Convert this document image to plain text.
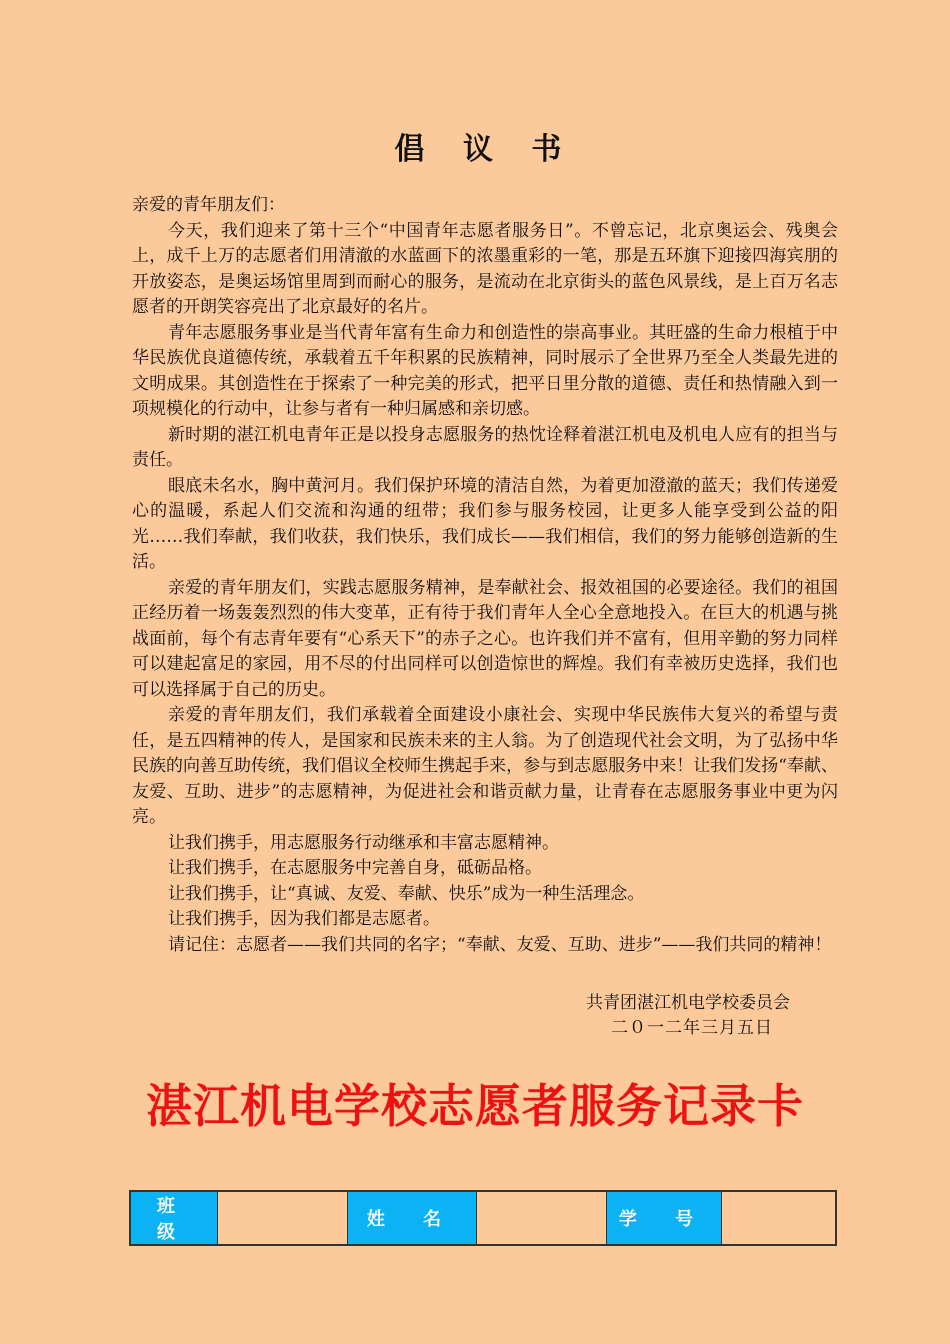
倡 议 书

亲爱的青年朋友们：

今天，我们迎来了第十三个“中国青年志愿者服务日”。不曾忘记，北京奥运会、残奥会上，成千上万的志愿者们用清澈的水蓝画下的浓墨重彩的一笔，那是五环旗下迎接四海宾朋的开放姿态，是奥运场馆里周到而耐心的服务，是流动在北京街头的蓝色风景线，是上百万名志愿者的开朗笑容亮出了北京最好的名片。

青年志愿服务事业是当代青年富有生命力和创造性的崇高事业。其旺盛的生命力根植于中华民族优良道德传统，承载着五千年积累的民族精神，同时展示了全世界乃至全人类最先进的文明成果。其创造性在于探索了一种完美的形式，把平日里分散的道德、责任和热情融入到一项规模化的行动中，让参与者有一种归属感和亲切感。

新时期的湛江机电青年正是以投身志愿服务的热忱诠释着湛江机电及机电人应有的担当与责任。

眼底未名水，胸中黄河月。我们保护环境的清洁自然，为着更加澄澈的蓝天；我们传递爱心的温暖，系起人们交流和沟通的纽带；我们参与服务校园，让更多人能享受到公益的阳光……我们奉献，我们收获，我们快乐，我们成长——我们相信，我们的努力能够创造新的生活。

亲爱的青年朋友们，实践志愿服务精神，是奉献社会、报效祖国的必要途径。我们的祖国正经历着一场轰轰烈烈的伟大变革，正有待于我们青年人全心全意地投入。在巨大的机遇与挑战面前，每个有志青年要有“心系天下”的赤子之心。也许我们并不富有，但用辛勤的努力同样可以建起富足的家园，用不尽的付出同样可以创造惊世的辉煌。我们有幸被历史选择，我们也可以选择属于自己的历史。

亲爱的青年朋友们，我们承载着全面建设小康社会、实现中华民族伟大复兴的希望与责任，是五四精神的传人，是国家和民族未来的主人翁。为了创造现代社会文明，为了弘扬中华民族的向善互助传统，我们倡议全校师生携起手来，参与到志愿服务中来！让我们发扬“奉献、友爱、互助、进步”的志愿精神，为促进社会和谐贡献力量，让青春在志愿服务事业中更为闪亮。

让我们携手，用志愿服务行动继承和丰富志愿精神。

让我们携手，在志愿服务中完善自身，砥砺品格。

让我们携手，让“真诚、友爱、奉献、快乐”成为一种生活理念。

让我们携手，因为我们都是志愿者。

请记住：志愿者——我们共同的名字；“奉献、友爱、互助、进步”——我们共同的精神！

共青团湛江机电学校委员会
二０一二年三月五日
湛江机电学校志愿者服务记录卡
班 级		姓 名		学 号	
